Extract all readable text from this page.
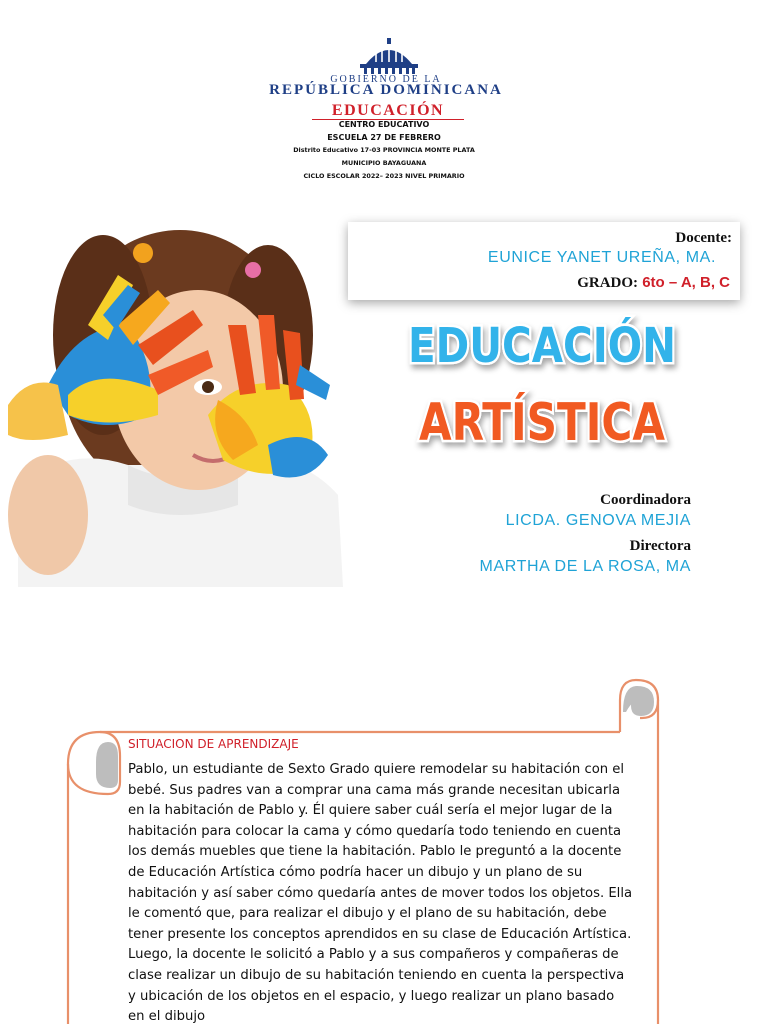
GOBIERNO DE LA
REPÚBLICA DOMINICANA
EDUCACIÓN
CENTRO EDUCATIVO
ESCUELA 27 DE FEBRERO
Distrito Educativo 17-03 PROVINCIA MONTE PLATA
MUNICIPIO BAYAGUANA
CICLO ESCOLAR 2022– 2023 NIVEL PRIMARIO
Docente:
EUNICE YANET UREÑA, MA.
GRADO: 6to – A, B, C
EDUCACIÓN
ARTÍSTICA
Coordinadora
LICDA. GENOVA MEJIA
Directora
MARTHA DE LA ROSA, MA
SITUACION DE APRENDIZAJE
Pablo, un estudiante de Sexto Grado quiere remodelar su habitación con el bebé. Sus padres van a comprar una cama más grande necesitan ubicarla en la habitación de Pablo y. Él quiere saber cuál sería el mejor lugar de la habitación para colocar la cama y cómo quedaría todo teniendo en cuenta los demás muebles que tiene la habitación. Pablo le preguntó a la docente de Educación Artística cómo podría hacer un dibujo y un plano de su habitación y así saber cómo quedaría antes de mover todos los objetos. Ella le comentó que, para realizar el dibujo y el plano de su habitación, debe tener presente los conceptos aprendidos en su clase de Educación Artística. Luego, la docente le solicitó a Pablo y a sus compañeros y compañeras de clase realizar un dibujo de su habitación teniendo en cuenta la perspectiva y ubicación de los objetos en el espacio, y luego realizar un plano basado en el dibujo
